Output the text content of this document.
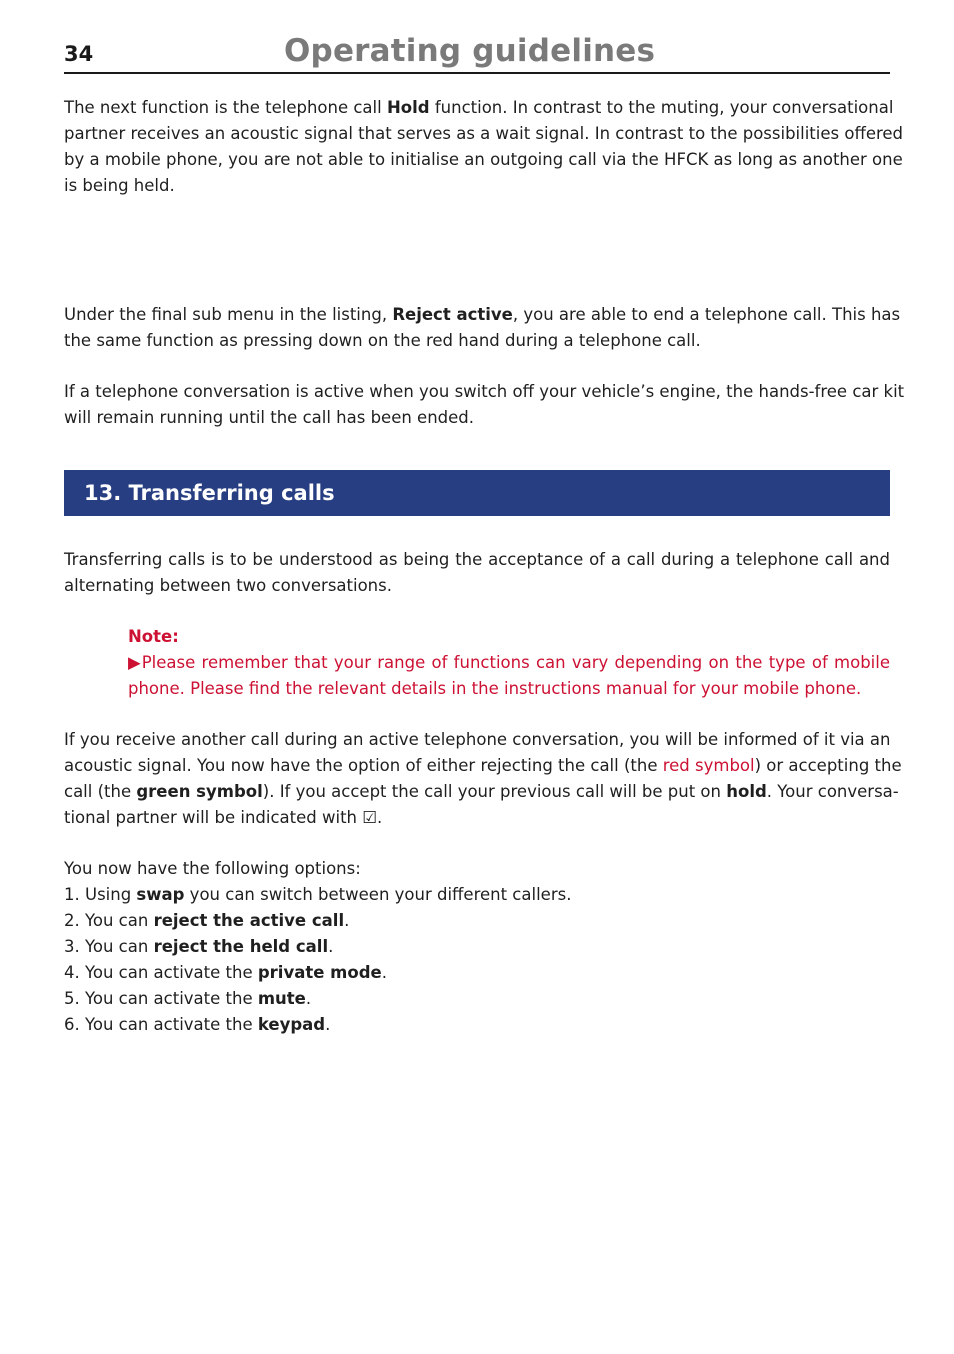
34	Operating guidelines
The next function is the telephone call Hold function. In contrast to the muting, your conversational
partner receives an acoustic signal that serves as a wait signal. In contrast to the possibilities offered
by a mobile phone, you are not able to initialise an outgoing call via the HFCK as long as another one
is being held.
Under the final sub menu in the listing, Reject active, you are able to end a telephone call. This has
the same function as pressing down on the red hand during a telephone call.
If a telephone conversation is active when you switch off your vehicle’s engine, the hands-free car kit
will remain running until the call has been ended.
13. Transferring calls
Transferring calls is to be understood as being the acceptance of a call during a telephone call and
alternating between two conversations.
Note:
▶Please remember that your range of functions can vary depending on the type of mobile
phone. Please find the relevant details in the instructions manual for your mobile phone.
If you receive another call during an active telephone conversation, you will be informed of it via an
acoustic signal. You now have the option of either rejecting the call (the red symbol) or accepting the
call (the green symbol). If you accept the call your previous call will be put on hold. Your conversa-
tional partner will be indicated with ☑.
You now have the following options:
1. Using swap you can switch between your different callers.
2. You can reject the active call.
3. You can reject the held call.
4. You can activate the private mode.
5. You can activate the mute.
6. You can activate the keypad.
